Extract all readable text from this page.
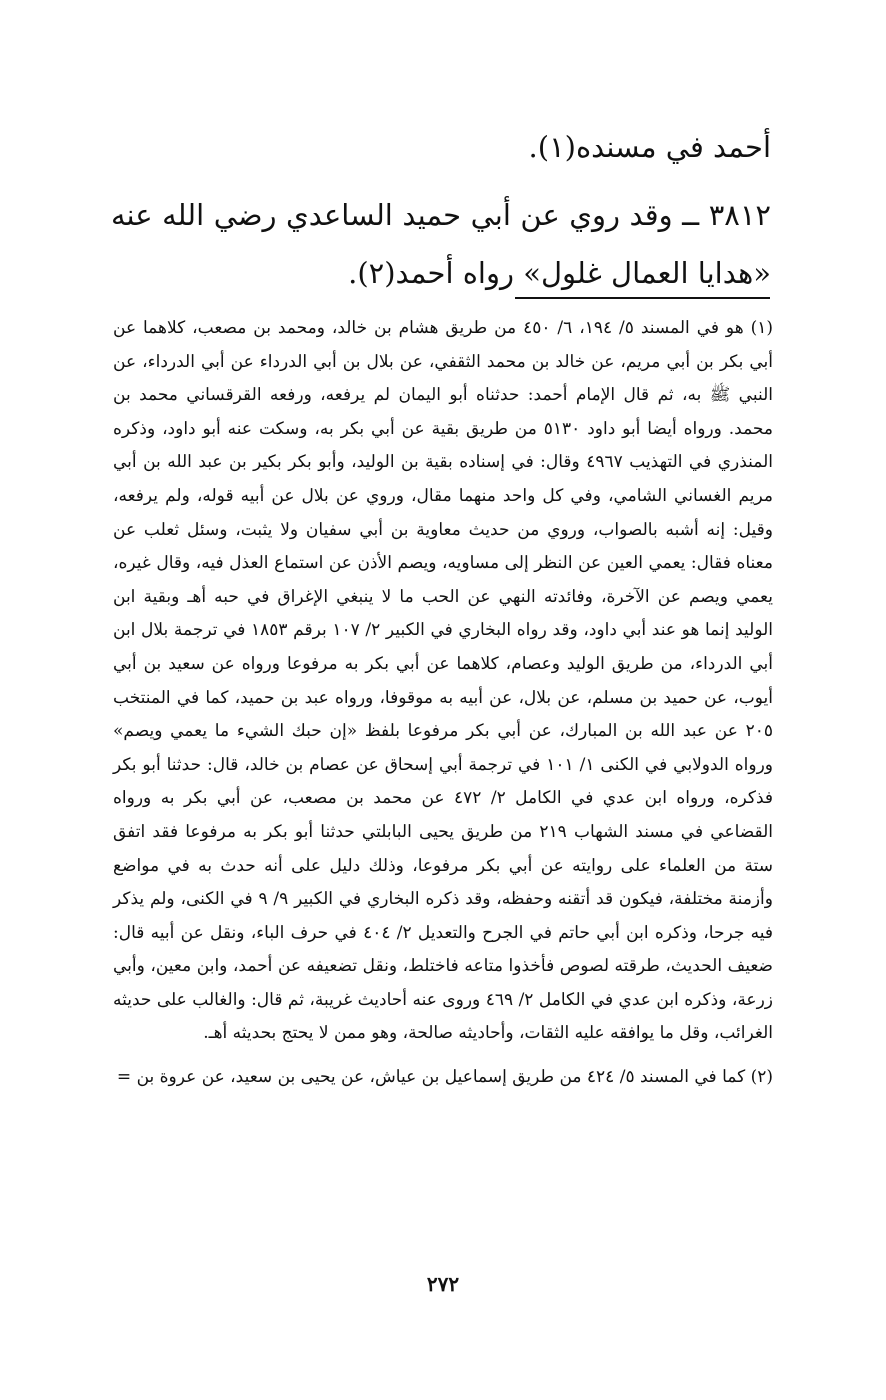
أحمد في مسنده(١).

٣٨١٢ ــ وقد روي عن أبي حميد الساعدي رضي الله عنه «هدايا العمال غلول» رواه أحمد(٢).

(١) هو في المسند ٥/ ١٩٤، ٦/ ٤٥٠ من طريق هشام بن خالد، ومحمد بن مصعب، كلاهما عن أبي بكر بن أبي مريم، عن خالد بن محمد الثقفي، عن بلال بن أبي الدرداء عن أبي الدرداء، عن النبي ﷺ به، ثم قال الإمام أحمد: حدثناه أبو اليمان لم يرفعه، ورفعه القرقساني محمد بن محمد. ورواه أيضا أبو داود ٥١٣٠ من طريق بقية عن أبي بكر به، وسكت عنه أبو داود، وذكره المنذري في التهذيب ٤٩٦٧ وقال: في إسناده بقية بن الوليد، وأبو بكر بكير بن عبد الله بن أبي مريم الغساني الشامي، وفي كل واحد منهما مقال، وروي عن بلال عن أبيه قوله، ولم يرفعه، وقيل: إنه أشبه بالصواب، وروي من حديث معاوية بن أبي سفيان ولا يثبت، وسئل ثعلب عن معناه فقال: يعمي العين عن النظر إلى مساويه، ويصم الأذن عن استماع العذل فيه، وقال غيره، يعمي ويصم عن الآخرة، وفائدته النهي عن الحب ما لا ينبغي الإغراق في حبه أهـ وبقية ابن الوليد إنما هو عند أبي داود، وقد رواه البخاري في الكبير ٢/ ١٠٧ برقم ١٨٥٣ في ترجمة بلال ابن أبي الدرداء، من طريق الوليد وعصام، كلاهما عن أبي بكر به مرفوعا ورواه عن سعيد بن أبي أيوب، عن حميد بن مسلم، عن بلال، عن أبيه به موقوفا، ورواه عبد بن حميد، كما في المنتخب ٢٠٥ عن عبد الله بن المبارك، عن أبي بكر مرفوعا بلفظ «إن حبك الشيء ما يعمي ويصم» ورواه الدولابي في الكنى ١/ ١٠١ في ترجمة أبي إسحاق عن عصام بن خالد، قال: حدثنا أبو بكر فذكره، ورواه ابن عدي في الكامل ٢/ ٤٧٢ عن محمد بن مصعب، عن أبي بكر به ورواه القضاعي في مسند الشهاب ٢١٩ من طريق يحيى البابلتي حدثنا أبو بكر به مرفوعا فقد اتفق ستة من العلماء على روايته عن أبي بكر مرفوعا، وذلك دليل على أنه حدث به في مواضع وأزمنة مختلفة، فيكون قد أتقنه وحفظه، وقد ذكره البخاري في الكبير ٩/ ٩ في الكنى، ولم يذكر فيه جرحا، وذكره ابن أبي حاتم في الجرح والتعديل ٢/ ٤٠٤ في حرف الباء، ونقل عن أبيه قال: ضعيف الحديث، طرقته لصوص فأخذوا متاعه فاختلط، ونقل تضعيفه عن أحمد، وابن معين، وأبي زرعة، وذكره ابن عدي في الكامل ٢/ ٤٦٩ وروى عنه أحاديث غريبة، ثم قال: والغالب على حديثه الغرائب، وقل ما يوافقه عليه الثقات، وأحاديثه صالحة، وهو ممن لا يحتج بحديثه أهـ.

(٢) كما في المسند ٥/ ٤٢٤ من طريق إسماعيل بن عياش، عن يحيى بن سعيد، عن عروة بن =

٢٧٢
